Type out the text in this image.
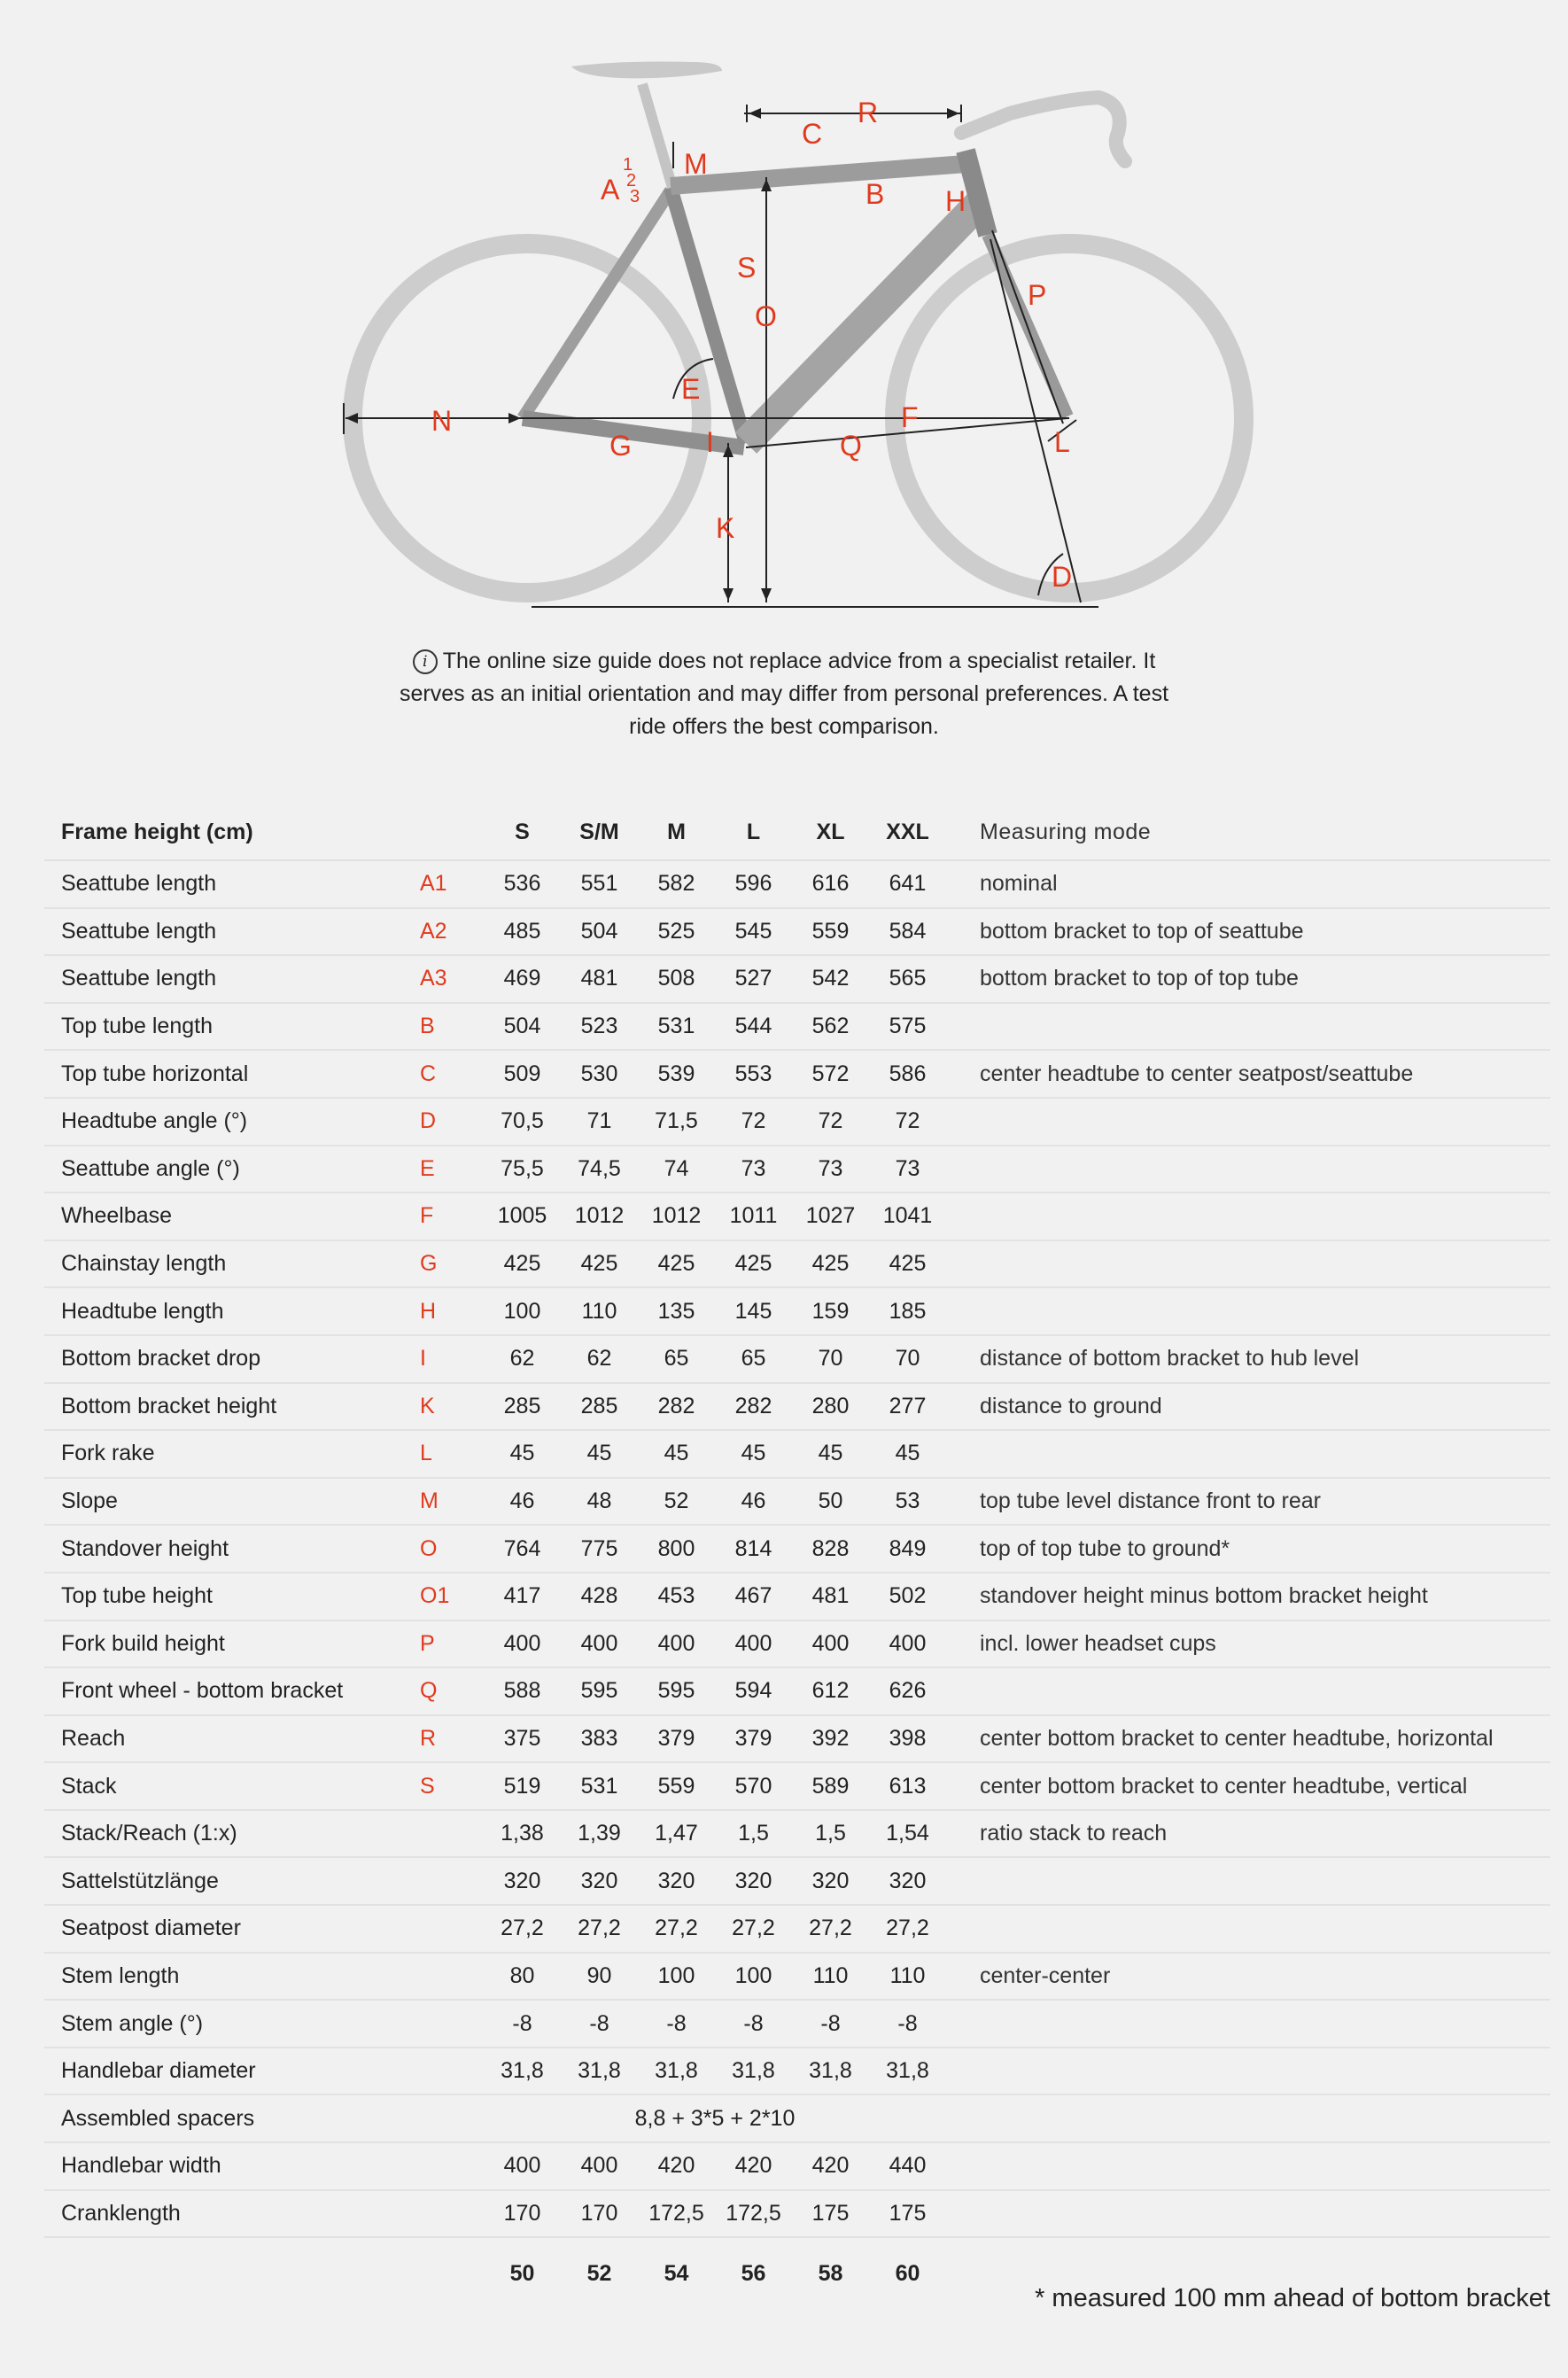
R
C
M
A
1
2
3	B H
S
O
P
E
N	F
G	I	Q	L
K
D
i The online size guide does not replace advice from a specialist retailer. It serves as an initial orientation and may differ from personal preferences. A test ride offers the best comparison.
Frame height (cm)		S	S/M	M	L	XL	XXL	Measuring mode
Seattube length	A1	536	551	582	596	616	641	nominal
Seattube length	A2	485	504	525	545	559	584	bottom bracket to top of seattube
Seattube length	A3	469	481	508	527	542	565	bottom bracket to top of top tube
Top tube length	B	504	523	531	544	562	575	
Top tube horizontal	C	509	530	539	553	572	586	center headtube to center seatpost/seattube
Headtube angle (°)	D	70,5	71	71,5	72	72	72	
Seattube angle (°)	E	75,5	74,5	74	73	73	73	
Wheelbase	F	1005	1012	1012	1011	1027	1041	
Chainstay length	G	425	425	425	425	425	425	
Headtube length	H	100	110	135	145	159	185	
Bottom bracket drop	I	62	62	65	65	70	70	distance of bottom bracket to hub level
Bottom bracket height	K	285	285	282	282	280	277	distance to ground
Fork rake	L	45	45	45	45	45	45	
Slope	M	46	48	52	46	50	53	top tube level distance front to rear
Standover height	O	764	775	800	814	828	849	top of top tube to ground*
Top tube height	O1	417	428	453	467	481	502	standover height minus bottom bracket height
Fork build height	P	400	400	400	400	400	400	incl. lower headset cups
Front wheel - bottom bracket	Q	588	595	595	594	612	626	
Reach	R	375	383	379	379	392	398	center bottom bracket to center headtube, horizontal
Stack	S	519	531	559	570	589	613	center bottom bracket to center headtube, vertical
Stack/Reach (1:x)		1,38	1,39	1,47	1,5	1,5	1,54	ratio stack to reach
Sattelstützlänge		320	320	320	320	320	320	
Seatpost diameter		27,2	27,2	27,2	27,2	27,2	27,2	
Stem length		80	90	100	100	110	110	center-center
Stem angle (°)		-8	-8	-8	-8	-8	-8	
Handlebar diameter		31,8	31,8	31,8	31,8	31,8	31,8	
Assembled spacers		8,8 + 3*5 + 2*10						
Handlebar width		400	400	420	420	420	440	
Cranklength		170	170	172,5	172,5	175	175	
		50	52	54	56	58	60	
* measured 100 mm ahead of bottom bracket
